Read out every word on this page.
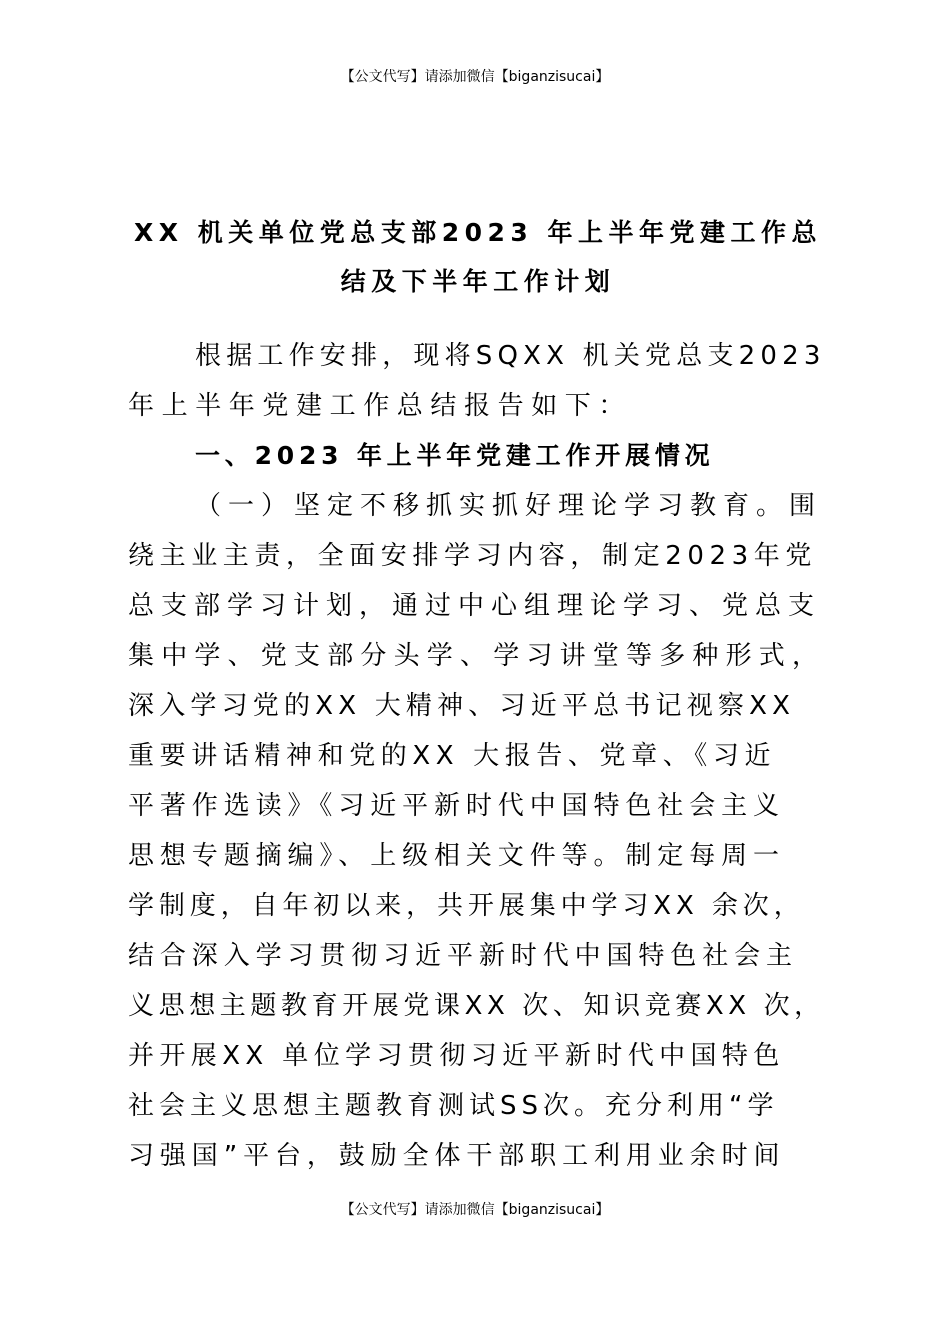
【公文代写】请添加微信【biganzisucai】
XX 机关单位党总支部2023 年上半年党建工作总
结及下半年工作计划
根据工作安排，现将SQXX 机关党总支2023
年上半年党建工作总结报告如下：
一、2023 年上半年党建工作开展情况
（一）坚定不移抓实抓好理论学习教育。围
绕主业主责，全面安排学习内容，制定2023年党
总支部学习计划，通过中心组理论学习、党总支
集中学、党支部分头学、学习讲堂等多种形式，
深入学习党的XX 大精神、习近平总书记视察XX
重要讲话精神和党的XX 大报告、党章、《习近
平著作选读》《习近平新时代中国特色社会主义
思想专题摘编》、上级相关文件等。制定每周一
学制度，自年初以来，共开展集中学习XX 余次，
结合深入学习贯彻习近平新时代中国特色社会主
义思想主题教育开展党课XX 次、知识竞赛XX 次，
并开展XX 单位学习贯彻习近平新时代中国特色
社会主义思想主题教育测试SS次。充分利用“学
习强国”平台，鼓励全体干部职工利用业余时间
【公文代写】请添加微信【biganzisucai】
